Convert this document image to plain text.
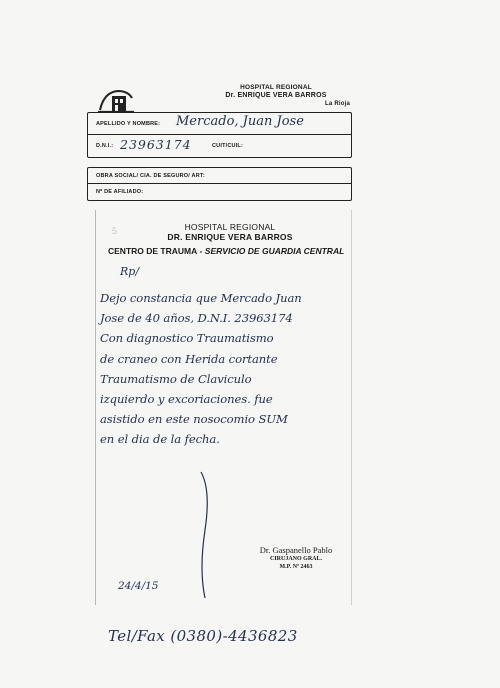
HOSPITAL REGIONAL
Dr. ENRIQUE VERA BARROS
La Rioja
APELLIDO Y NOMBRE: Mercado, Juan Jose
D.N.I.: 23963174	CUIT/CUIL:
OBRA SOCIAL/ CIA. DE SEGURO/ ART:
Nº DE AFILIADO:
5	HOSPITAL REGIONAL
DR. ENRIQUE VERA BARROS
CENTRO DE TRAUMA - SERVICIO DE GUARDIA CENTRAL
Rp/
Dejo constancia que Mercado Juan
Jose de 40 años, D.N.I. 23963174
Con diagnostico Traumatismo
de craneo con Herida cortante
Traumatismo de Claviculo
izquierdo y excoriaciones. fue
asistido en este nosocomio SUM
en el dia de la fecha.
Dr. Gaspanello Pablo
CIRUJANO GRAL.
M.P. Nº 2463
24/4/15
Tel/Fax (0380)-4436823
